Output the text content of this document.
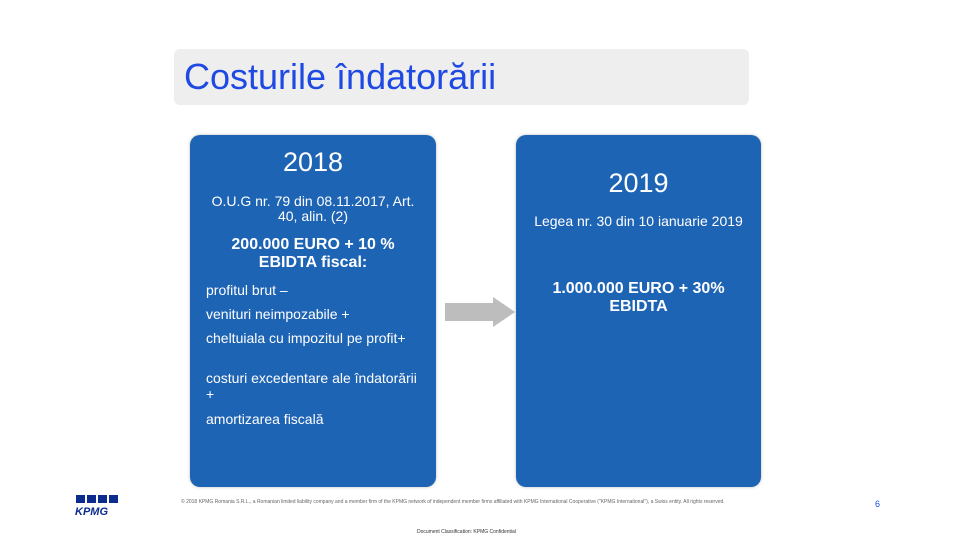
Costurile îndatorării
2018
O.U.G nr. 79 din 08.11.2017, Art. 40, alin. (2)
200.000 EURO + 10 % EBIDTA fiscal:
profitul brut –
venituri neimpozabile +
cheltuiala cu impozitul pe profit+
costuri excedentare ale îndatorării +
amortizarea fiscală
2019
Legea nr. 30 din 10 ianuarie 2019
1.000.000 EURO + 30% EBIDTA
KPMG
© 2018 KPMG Romania S.R.L., a Romanian limited liability company and a member firm of the KPMG network of independent member firms affiliated with KPMG International Cooperative ("KPMG International"), a Swiss entity. All rights reserved.	6
Document Classification: KPMG Confidential
